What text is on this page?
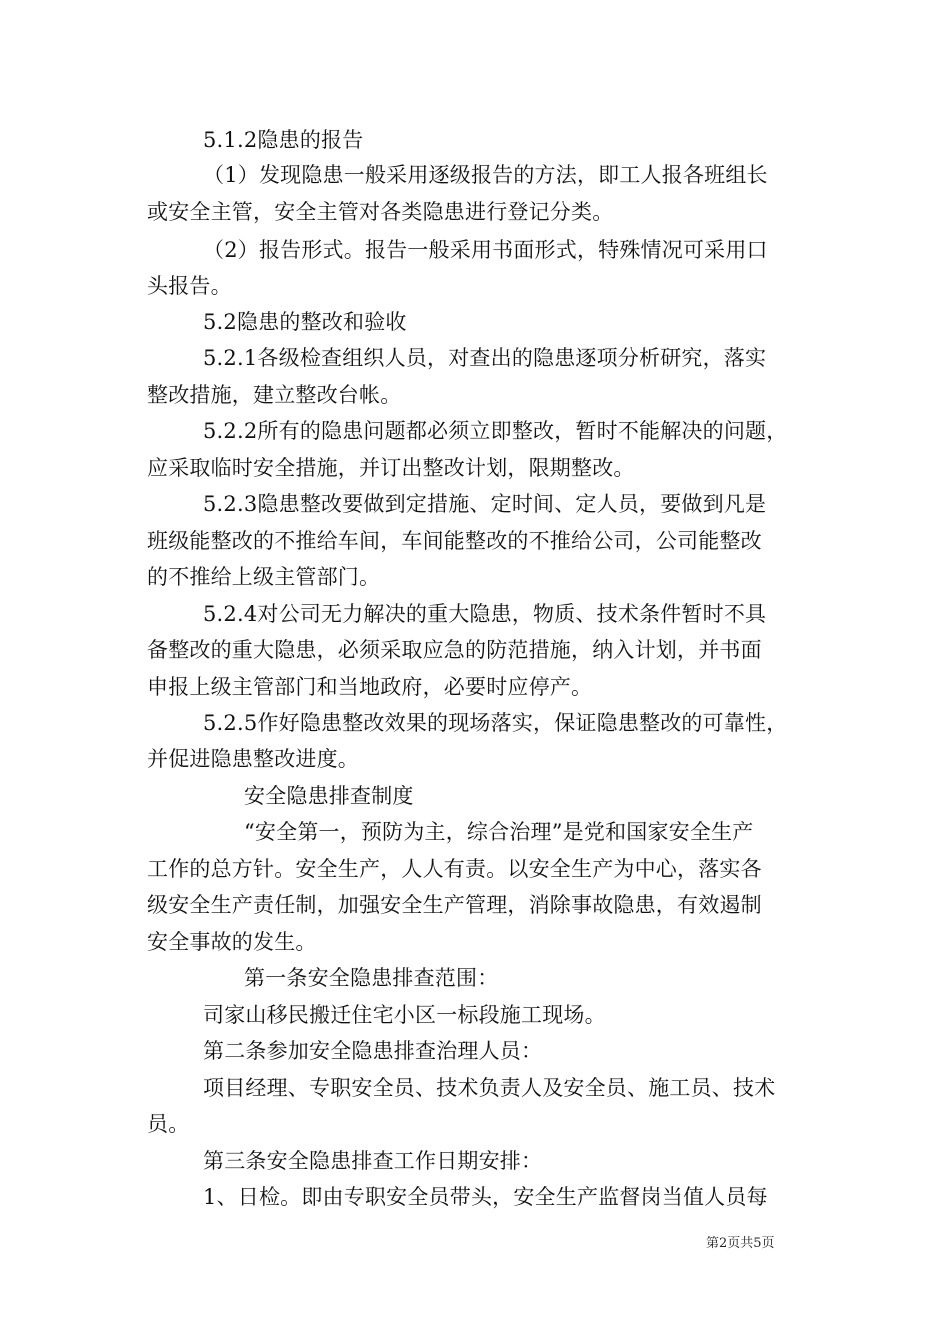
5.1.2隐患的报告
（1）发现隐患一般采用逐级报告的方法，即工人报各班组长
或安全主管，安全主管对各类隐患进行登记分类。
（2）报告形式。报告一般采用书面形式，特殊情况可采用口
头报告。
5.2隐患的整改和验收
5.2.1各级检查组织人员，对查出的隐患逐项分析研究，落实
整改措施，建立整改台帐。
5.2.2所有的隐患问题都必须立即整改，暂时不能解决的问题，
应采取临时安全措施，并订出整改计划，限期整改。
5.2.3隐患整改要做到定措施、定时间、定人员，要做到凡是
班级能整改的不推给车间，车间能整改的不推给公司，公司能整改
的不推给上级主管部门。
5.2.4对公司无力解决的重大隐患，物质、技术条件暂时不具
备整改的重大隐患，必须采取应急的防范措施，纳入计划，并书面
申报上级主管部门和当地政府，必要时应停产。
5.2.5作好隐患整改效果的现场落实，保证隐患整改的可靠性，
并促进隐患整改进度。
安全隐患排查制度
“安全第一，预防为主，综合治理”是党和国家安全生产
工作的总方针。安全生产，人人有责。以安全生产为中心，落实各
级安全生产责任制，加强安全生产管理，消除事故隐患，有效遏制
安全事故的发生。
第一条安全隐患排查范围：
司家山移民搬迁住宅小区一标段施工现场。
第二条参加安全隐患排查治理人员：
项目经理、专职安全员、技术负责人及安全员、施工员、技术
员。
第三条安全隐患排查工作日期安排：
1、日检。即由专职安全员带头，安全生产监督岗当值人员每
第2页共5页
